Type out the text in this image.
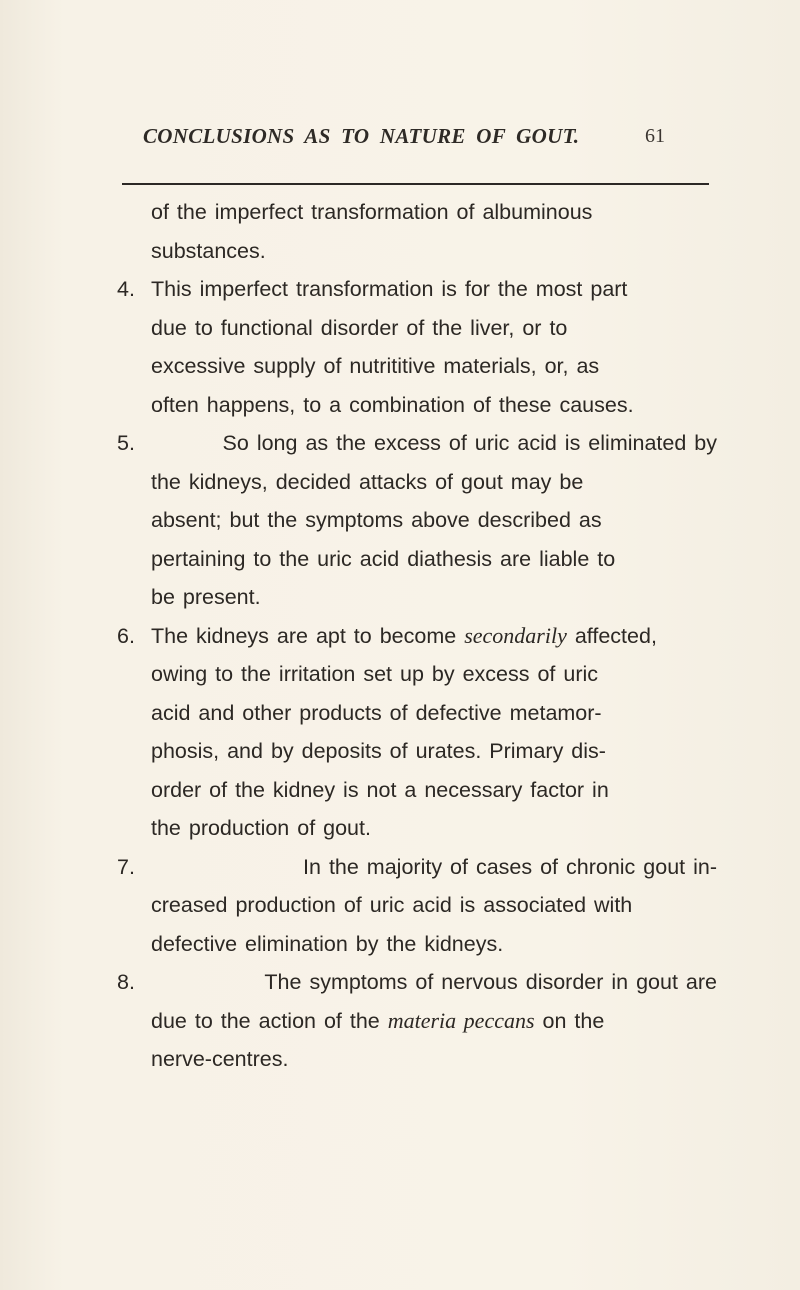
CONCLUSIONS AS TO NATURE OF GOUT.	61
of the imperfect transformation of albuminous
substances.
4. This imperfect transformation is for the most part
due to functional disorder of the liver, or to
excessive supply of nutrititive materials, or, as
often happens, to a combination of these causes.
5.	So long as the excess of uric acid is eliminated by
the kidneys, decided attacks of gout may be
absent; but the symptoms above described as
pertaining to the uric acid diathesis are liable to
be present.
6. The kidneys are apt to become secondarily affected,
owing to the irritation set up by excess of uric
acid and other products of defective metamor-
phosis, and by deposits of urates. Primary dis-
order of the kidney is not a necessary factor in
the production of gout.
7.	In the majority of cases of chronic gout in-
creased production of uric acid is associated with
defective elimination by the kidneys.
8.	The symptoms of nervous disorder in gout are
due to the action of the materia peccans on the
nerve-centres.
